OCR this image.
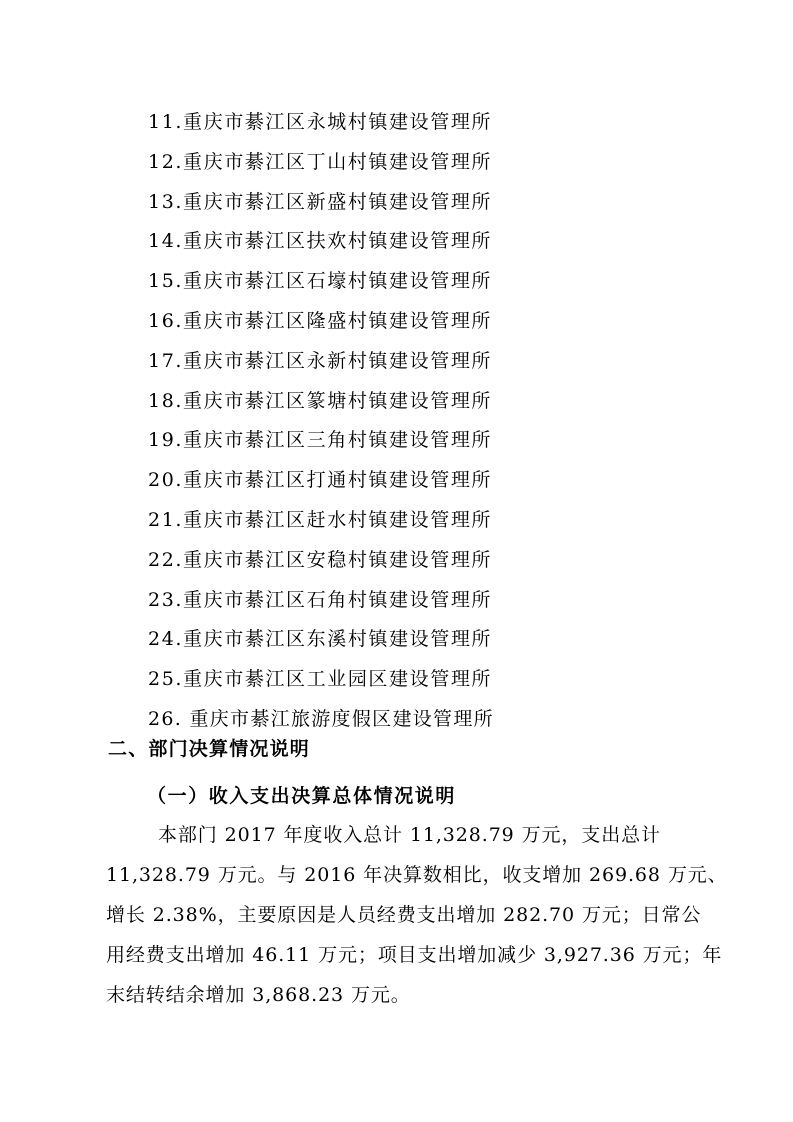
11.重庆市綦江区永城村镇建设管理所
12.重庆市綦江区丁山村镇建设管理所
13.重庆市綦江区新盛村镇建设管理所
14.重庆市綦江区扶欢村镇建设管理所
15.重庆市綦江区石壕村镇建设管理所
16.重庆市綦江区隆盛村镇建设管理所
17.重庆市綦江区永新村镇建设管理所
18.重庆市綦江区篆塘村镇建设管理所
19.重庆市綦江区三角村镇建设管理所
20.重庆市綦江区打通村镇建设管理所
21.重庆市綦江区赶水村镇建设管理所
22.重庆市綦江区安稳村镇建设管理所
23.重庆市綦江区石角村镇建设管理所
24.重庆市綦江区东溪村镇建设管理所
25.重庆市綦江区工业园区建设管理所
26. 重庆市綦江旅游度假区建设管理所
二、部门决算情况说明
（一）收入支出决算总体情况说明

本部门 2017 年度收入总计 11,328.79 万元，支出总计
11,328.79 万元。与 2016 年决算数相比，收支增加 269.68 万元、
增长 2.38%，主要原因是人员经费支出增加 282.70 万元；日常公
用经费支出增加 46.11 万元；项目支出增加减少 3,927.36 万元；年
末结转结余增加 3,868.23 万元。
